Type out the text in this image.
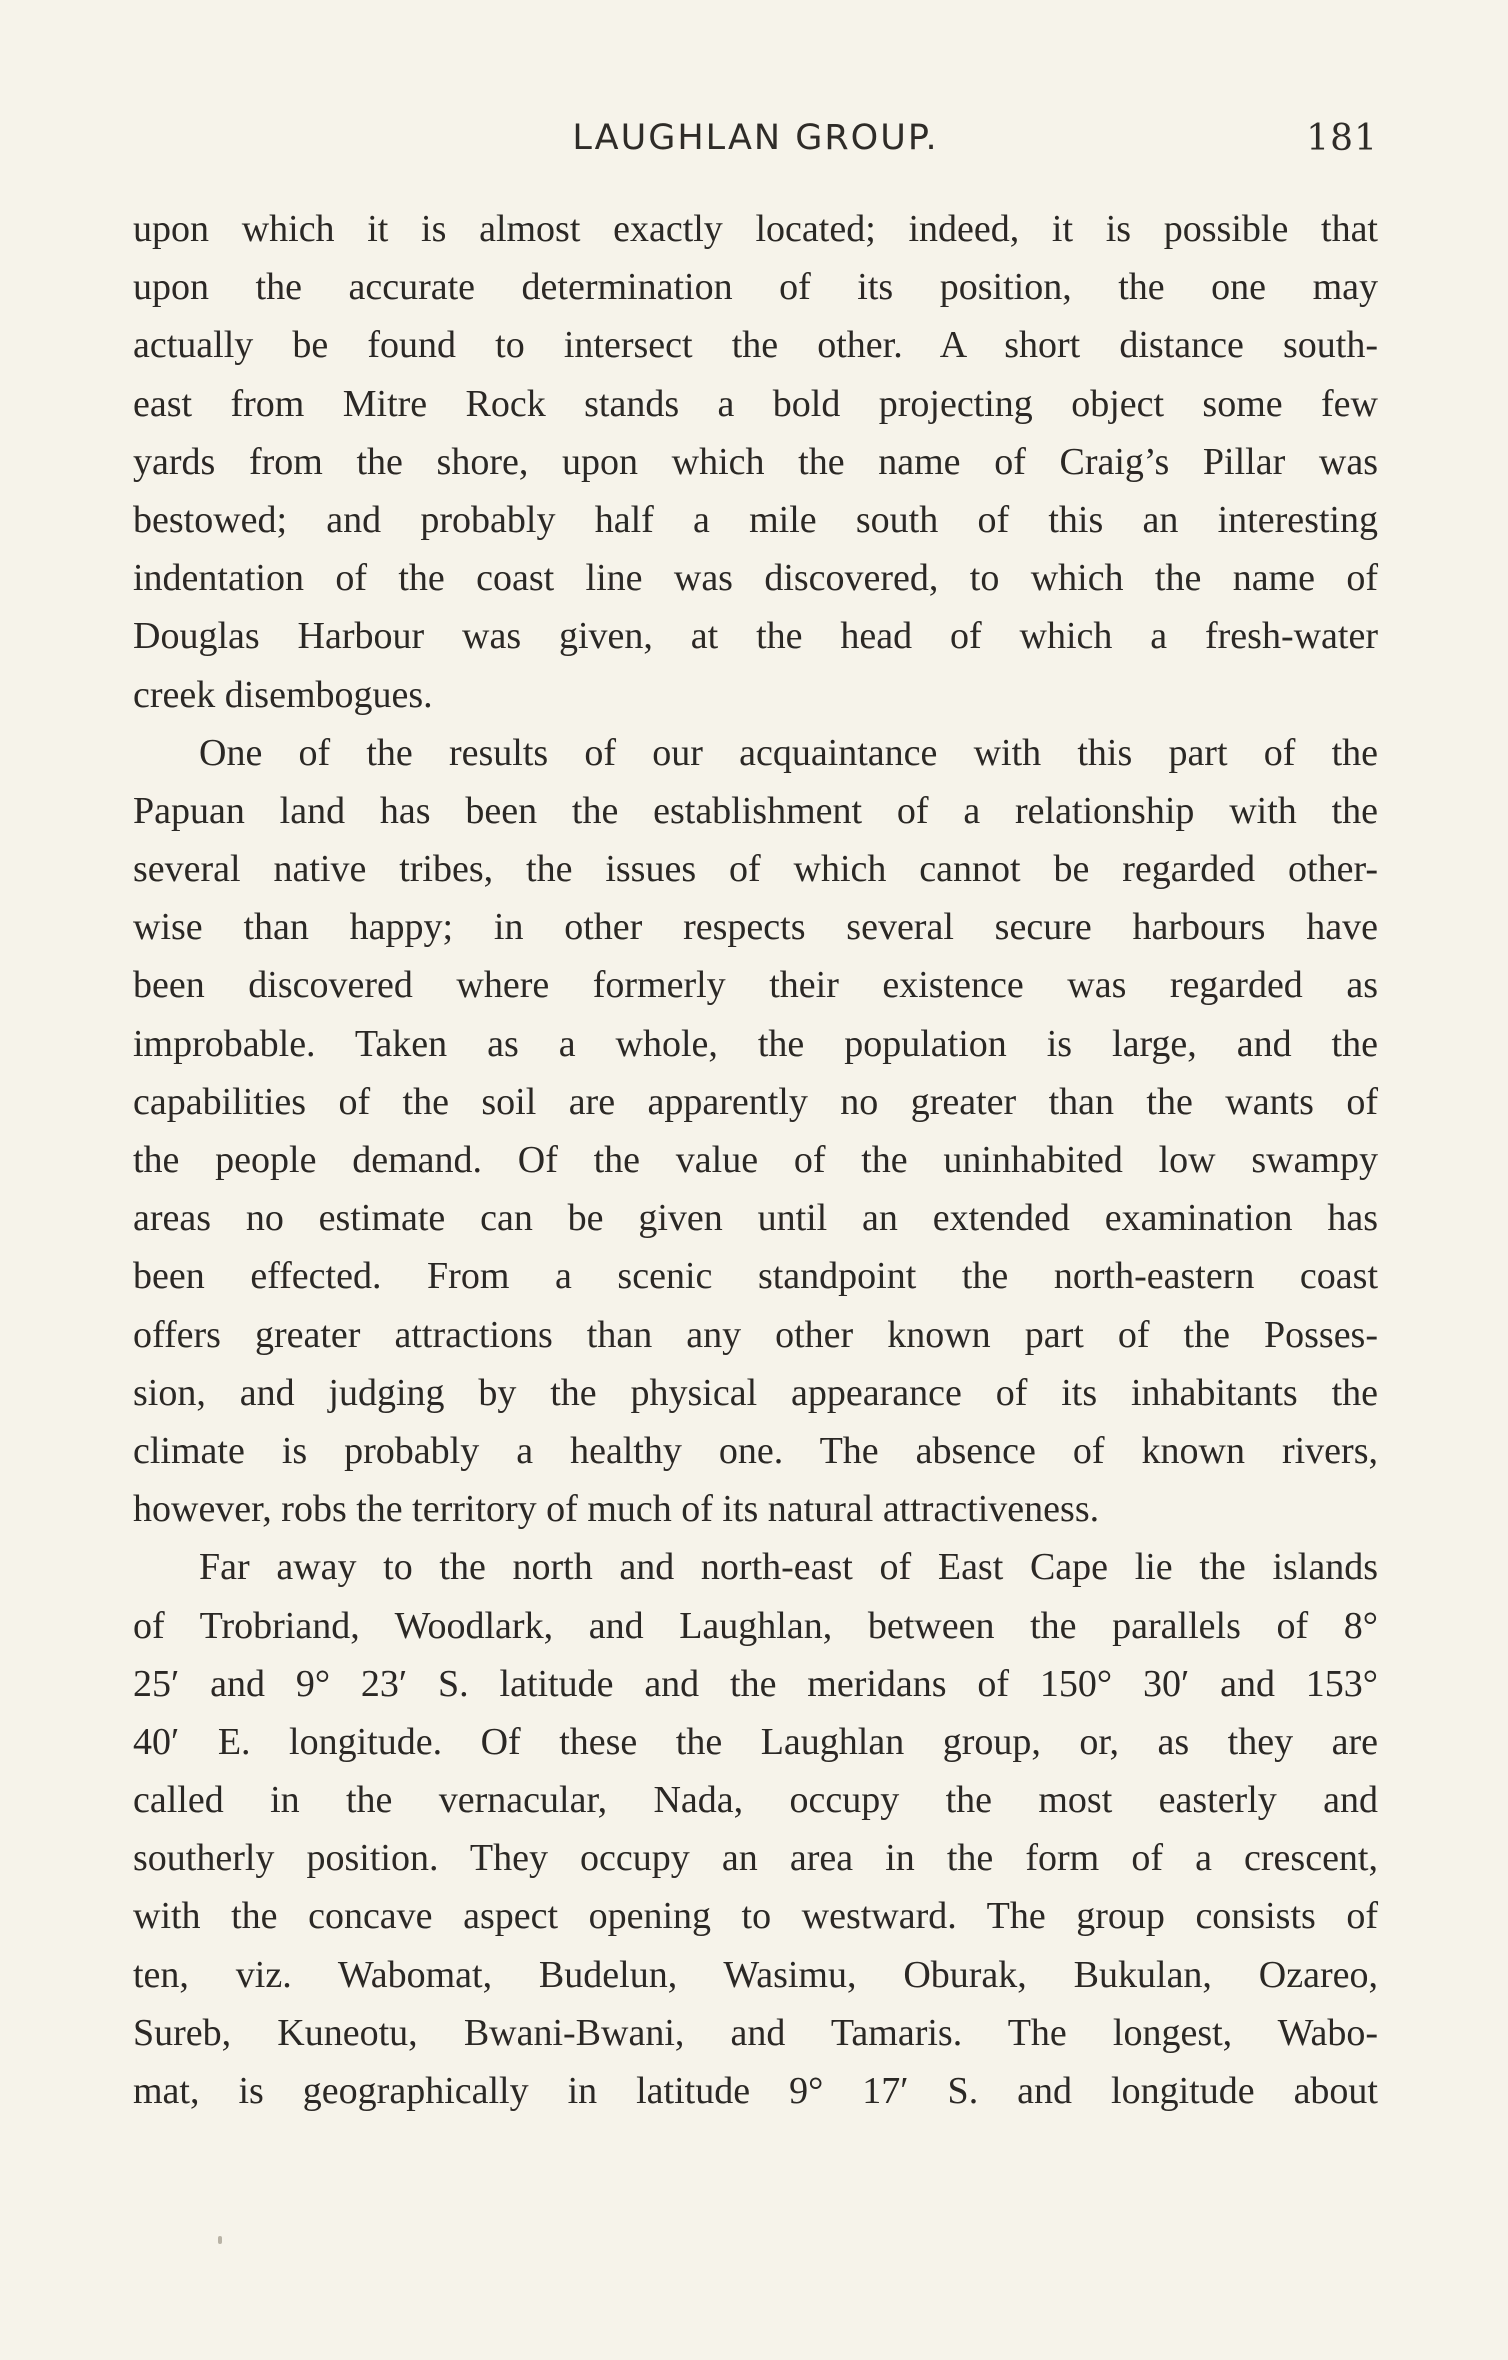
LAUGHLAN GROUP.	181

upon which it is almost exactly located; indeed, it is possible that
upon the accurate determination of its position, the one may
actually be found to intersect the other. A short distance south-
east from Mitre Rock stands a bold projecting object some few
yards from the shore, upon which the name of Craig’s Pillar was
bestowed; and probably half a mile south of this an interesting
indentation of the coast line was discovered, to which the name of
Douglas Harbour was given, at the head of which a fresh-water
creek disembogues.

One of the results of our acquaintance with this part of the
Papuan land has been the establishment of a relationship with the
several native tribes, the issues of which cannot be regarded other-
wise than happy; in other respects several secure harbours have
been discovered where formerly their existence was regarded as
improbable. Taken as a whole, the population is large, and the
capabilities of the soil are apparently no greater than the wants of
the people demand. Of the value of the uninhabited low swampy
areas no estimate can be given until an extended examination has
been effected. From a scenic standpoint the north-eastern coast
offers greater attractions than any other known part of the Posses-
sion, and judging by the physical appearance of its inhabitants the
climate is probably a healthy one. The absence of known rivers,
however, robs the territory of much of its natural attractiveness.

Far away to the north and north-east of East Cape lie the islands
of Trobriand, Woodlark, and Laughlan, between the parallels of 8°
25′ and 9° 23′ S. latitude and the meridans of 150° 30′ and 153°
40′ E. longitude. Of these the Laughlan group, or, as they are
called in the vernacular, Nada, occupy the most easterly and
southerly position. They occupy an area in the form of a crescent,
with the concave aspect opening to westward. The group consists of
ten, viz. Wabomat, Budelun, Wasimu, Oburak, Bukulan, Ozareo,
Sureb, Kuneotu, Bwani-Bwani, and Tamaris. The longest, Wabo-
mat, is geographically in latitude 9° 17′ S. and longitude about
